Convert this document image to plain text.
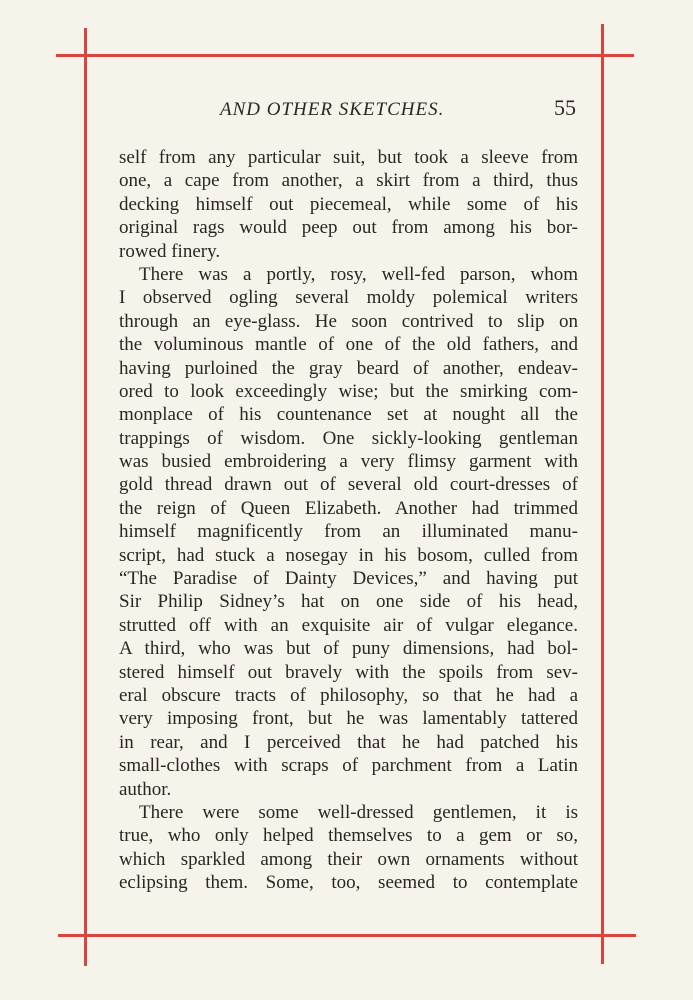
AND OTHER SKETCHES.	55
self from any particular suit, but took a sleeve from
one, a cape from another, a skirt from a third, thus
decking himself out piecemeal, while some of his
original rags would peep out from among his bor-
rowed finery.
There was a portly, rosy, well-fed parson, whom
I observed ogling several moldy polemical writers
through an eye-glass. He soon contrived to slip on
the voluminous mantle of one of the old fathers, and
having purloined the gray beard of another, endeav-
ored to look exceedingly wise; but the smirking com-
monplace of his countenance set at nought all the
trappings of wisdom. One sickly-looking gentleman
was busied embroidering a very flimsy garment with
gold thread drawn out of several old court-dresses of
the reign of Queen Elizabeth. Another had trimmed
himself magnificently from an illuminated manu-
script, had stuck a nosegay in his bosom, culled from
“The Paradise of Dainty Devices,” and having put
Sir Philip Sidney’s hat on one side of his head,
strutted off with an exquisite air of vulgar elegance.
A third, who was but of puny dimensions, had bol-
stered himself out bravely with the spoils from sev-
eral obscure tracts of philosophy, so that he had a
very imposing front, but he was lamentably tattered
in rear, and I perceived that he had patched his
small-clothes with scraps of parchment from a Latin
author.
There were some well-dressed gentlemen, it is
true, who only helped themselves to a gem or so,
which sparkled among their own ornaments without
eclipsing them. Some, too, seemed to contemplate
